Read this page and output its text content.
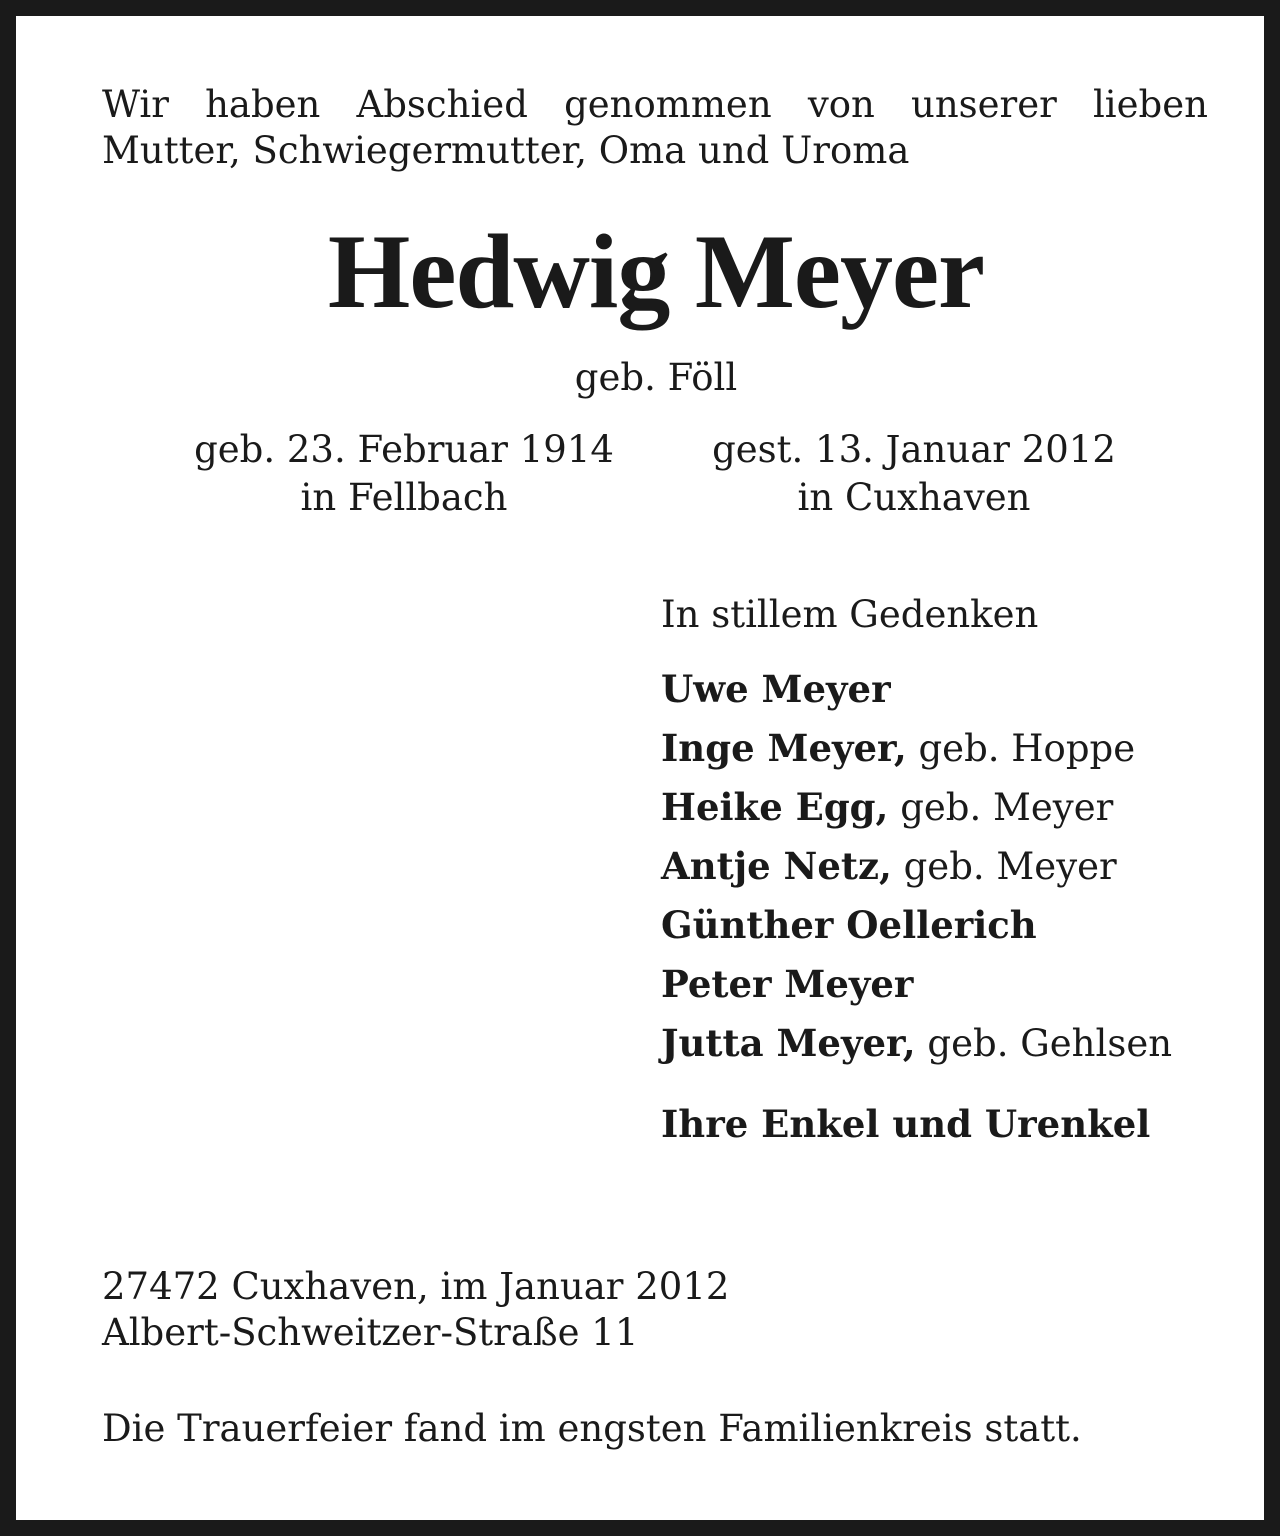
Wir haben Abschied genommen von unserer lieben
Mutter, Schwiegermutter, Oma und Uroma
Hedwig Meyer
geb. Föll
geb. 23. Februar 1914
in Fellbach
gest. 13. Januar 2012
in Cuxhaven
In stillem Gedenken
Uwe Meyer
Inge Meyer, geb. Hoppe
Heike Egg, geb. Meyer
Antje Netz, geb. Meyer
Günther Oellerich
Peter Meyer
Jutta Meyer, geb. Gehlsen
Ihre Enkel und Urenkel
27472 Cuxhaven, im Januar 2012
Albert-Schweitzer-Straße 11
Die Trauerfeier fand im engsten Familienkreis statt.
